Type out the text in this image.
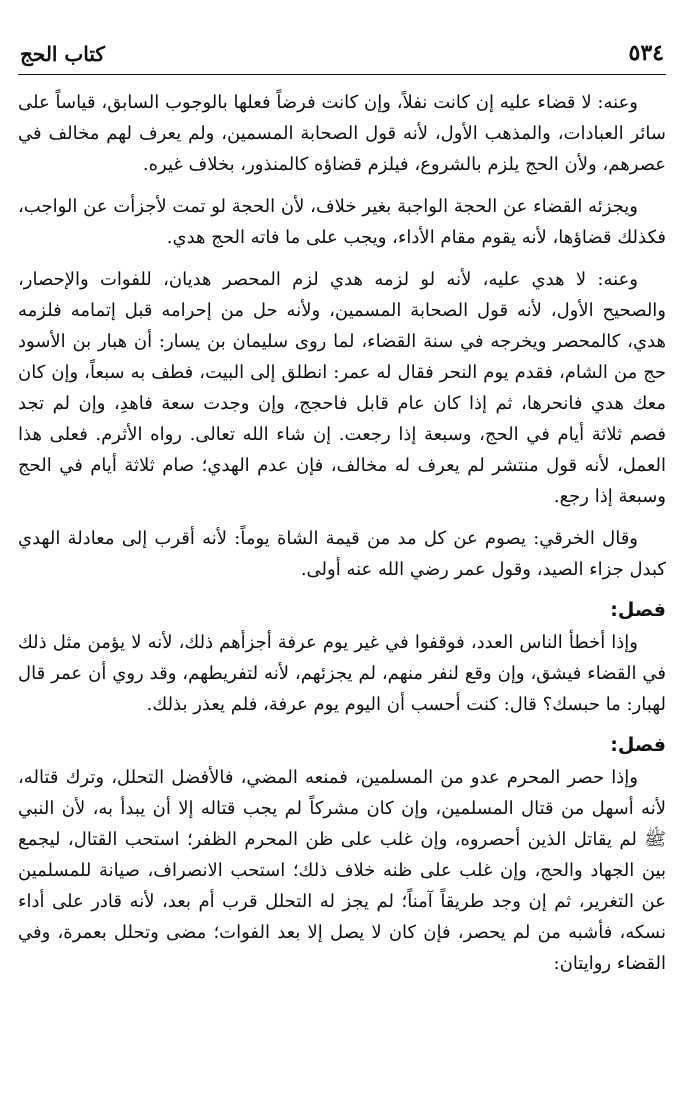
٥٣٤
كتاب الحج

وعنه: لا قضاء عليه إن كانت نفلاً، وإن كانت فرضاً فعلها بالوجوب السابق، قياساً على سائر العبادات، والمذهب الأول، لأنه قول الصحابة المسمين، ولم يعرف لهم مخالف في عصرهم، ولأن الحج يلزم بالشروع، فيلزم قضاؤه كالمنذور، بخلاف غيره.

ويجزئه القضاء عن الحجة الواجبة بغير خلاف، لأن الحجة لو تمت لأجزأت عن الواجب، فكذلك قضاؤها، لأنه يقوم مقام الأداء، ويجب على ما فاته الحج هدي.

وعنه: لا هدي عليه، لأنه لو لزمه هدي لزم المحصر هديان، للفوات والإحصار، والصحيح الأول، لأنه قول الصحابة المسمين، ولأنه حل من إحرامه قبل إتمامه فلزمه هدي، كالمحصر ويخرجه في سنة القضاء، لما روى سليمان بن يسار: أن هبار بن الأسود حج من الشام، فقدم يوم النحر فقال له عمر: انطلق إلى البيت، فطف به سبعاً، وإن كان معك هدي فانحرها، ثم إذا كان عام قابل فاحجج، وإن وجدت سعة فاهدِ، وإن لم تجد فصم ثلاثة أيام في الحج، وسبعة إذا رجعت. إن شاء الله تعالى. رواه الأثرم. فعلى هذا العمل، لأنه قول منتشر لم يعرف له مخالف، فإن عدم الهدي؛ صام ثلاثة أيام في الحج وسبعة إذا رجع.

وقال الخرقي: يصوم عن كل مد من قيمة الشاة يوماً: لأنه أقرب إلى معادلة الهدي كبدل جزاء الصيد، وقول عمر رضي الله عنه أولى.

فصل:

وإذا أخطأ الناس العدد، فوقفوا في غير يوم عرفة أجزأهم ذلك، لأنه لا يؤمن مثل ذلك في القضاء فيشق، وإن وقع لنفر منهم، لم يجزئهم، لأنه لتفريطهم، وقد روي أن عمر قال لهبار: ما حبسك؟ قال: كنت أحسب أن اليوم يوم عرفة، فلم يعذر بذلك.

فصل:

وإذا حصر المحرم عدو من المسلمين، فمنعه المضي، فالأفضل التحلل، وترك قتاله، لأنه أسهل من قتال المسلمين، وإن كان مشركاً لم يجب قتاله إلا أن يبدأ به، لأن النبي ﷺ لم يقاتل الذين أحصروه، وإن غلب على ظن المحرم الظفر؛ استحب القتال، ليجمع بين الجهاد والحج، وإن غلب على ظنه خلاف ذلك؛ استحب الانصراف، صيانة للمسلمين عن التغرير، ثم إن وجد طريقاً آمناً؛ لم يجز له التحلل قرب أم بعد، لأنه قادر على أداء نسكه، فأشبه من لم يحصر، فإن كان لا يصل إلا بعد الفوات؛ مضى وتحلل بعمرة، وفي القضاء روايتان:
